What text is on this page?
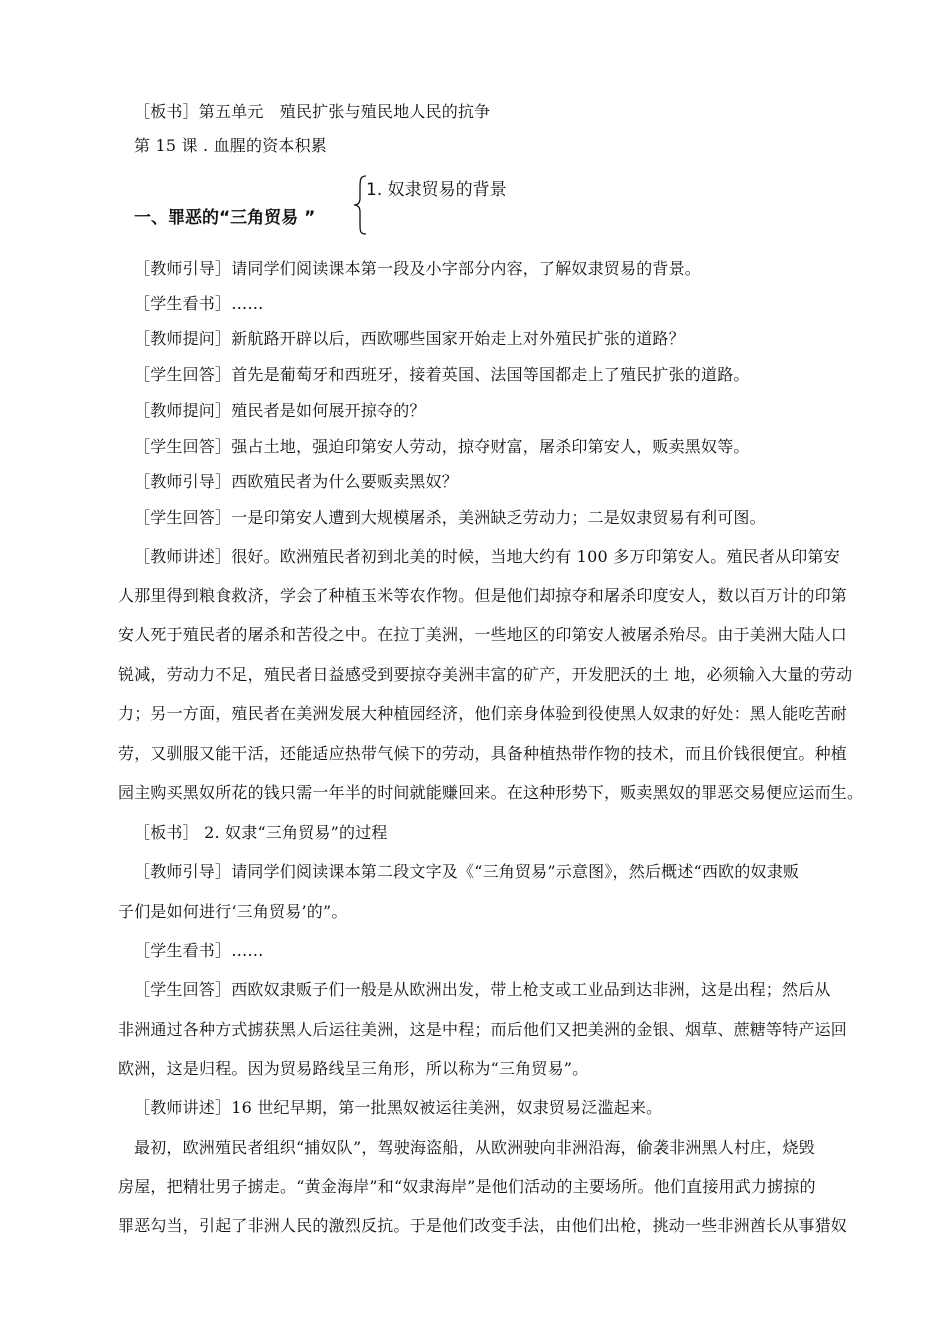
［板书］第五单元　殖民扩张与殖民地人民的抗争
第 15 课 . 血腥的资本积累
一、罪恶的“三角贸易 ”
1. 奴隶贸易的背景
［教师引导］请同学们阅读课本第一段及小字部分内容，了解奴隶贸易的背景。
［学生看书］……
［教师提问］新航路开辟以后，西欧哪些国家开始走上对外殖民扩张的道路？
［学生回答］首先是葡萄牙和西班牙，接着英国、法国等国都走上了殖民扩张的道路。
［教师提问］殖民者是如何展开掠夺的？
［学生回答］强占土地，强迫印第安人劳动，掠夺财富，屠杀印第安人，贩卖黑奴等。
［教师引导］西欧殖民者为什么要贩卖黑奴？
［学生回答］一是印第安人遭到大规模屠杀，美洲缺乏劳动力；二是奴隶贸易有利可图。
［教师讲述］很好。欧洲殖民者初到北美的时候，当地大约有 100 多万印第安人。殖民者从印第安
人那里得到粮食救济，学会了种植玉米等农作物。但是他们却掠夺和屠杀印度安人，数以百万计的印第
安人死于殖民者的屠杀和苦役之中。在拉丁美洲，一些地区的印第安人被屠杀殆尽。由于美洲大陆人口
锐减，劳动力不足，殖民者日益感受到要掠夺美洲丰富的矿产，开发肥沃的土 地，必须输入大量的劳动
力；另一方面，殖民者在美洲发展大种植园经济，他们亲身体验到役使黑人奴隶的好处：黑人能吃苦耐
劳，又驯服又能干活，还能适应热带气候下的劳动，具备种植热带作物的技术，而且价钱很便宜。种植
园主购买黑奴所花的钱只需一年半的时间就能赚回来。在这种形势下，贩卖黑奴的罪恶交易便应运而生。
［板书］ 2. 奴隶“三角贸易”的过程
［教师引导］请同学们阅读课本第二段文字及《“三角贸易”示意图》，然后概述“西欧的奴隶贩
子们是如何进行‘三角贸易’的”。
［学生看书］……
［学生回答］西欧奴隶贩子们一般是从欧洲出发，带上枪支或工业品到达非洲，这是出程；然后从
非洲通过各种方式掳获黑人后运往美洲，这是中程；而后他们又把美洲的金银、烟草、蔗糖等特产运回
欧洲，这是归程。因为贸易路线呈三角形，所以称为“三角贸易”。
［教师讲述］16 世纪早期，第一批黑奴被运往美洲，奴隶贸易泛滥起来。
最初，欧洲殖民者组织“捕奴队”，驾驶海盗船，从欧洲驶向非洲沿海，偷袭非洲黑人村庄，烧毁
房屋，把精壮男子掳走。“黄金海岸”和“奴隶海岸”是他们活动的主要场所。他们直接用武力掳掠的
罪恶勾当，引起了非洲人民的激烈反抗。于是他们改变手法，由他们出枪，挑动一些非洲酋长从事猎奴
